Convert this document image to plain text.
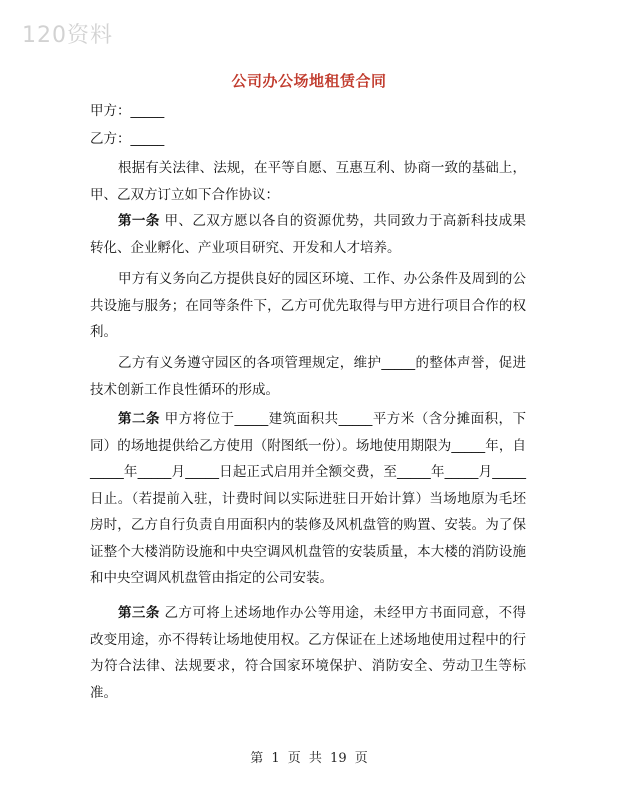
120资料
公司办公场地租赁合同
甲方：_____
乙方：_____
根据有关法律、法规，在平等自愿、互惠互利、协商一致的基础上，甲、乙双方订立如下合作协议：
第一条 甲、乙双方愿以各自的资源优势，共同致力于高新科技成果转化、企业孵化、产业项目研究、开发和人才培养。
甲方有义务向乙方提供良好的园区环境、工作、办公条件及周到的公共设施与服务；在同等条件下，乙方可优先取得与甲方进行项目合作的权利。
乙方有义务遵守园区的各项管理规定，维护_____的整体声誉，促进技术创新工作良性循环的形成。
第二条 甲方将位于_____建筑面积共_____平方米（含分摊面积，下同）的场地提供给乙方使用（附图纸一份）。场地使用期限为_____年，自_____年_____月_____日起正式启用并全额交费，至_____年_____月_____日止。（若提前入驻，计费时间以实际进驻日开始计算）当场地原为毛坯房时，乙方自行负责自用面积内的装修及风机盘管的购置、安装。为了保证整个大楼消防设施和中央空调风机盘管的安装质量，本大楼的消防设施和中央空调风机盘管由指定的公司安装。
第三条 乙方可将上述场地作办公等用途，未经甲方书面同意，不得改变用途，亦不得转让场地使用权。乙方保证在上述场地使用过程中的行为符合法律、法规要求，符合国家环境保护、消防安全、劳动卫生等标准。
第 1 页 共 19 页
